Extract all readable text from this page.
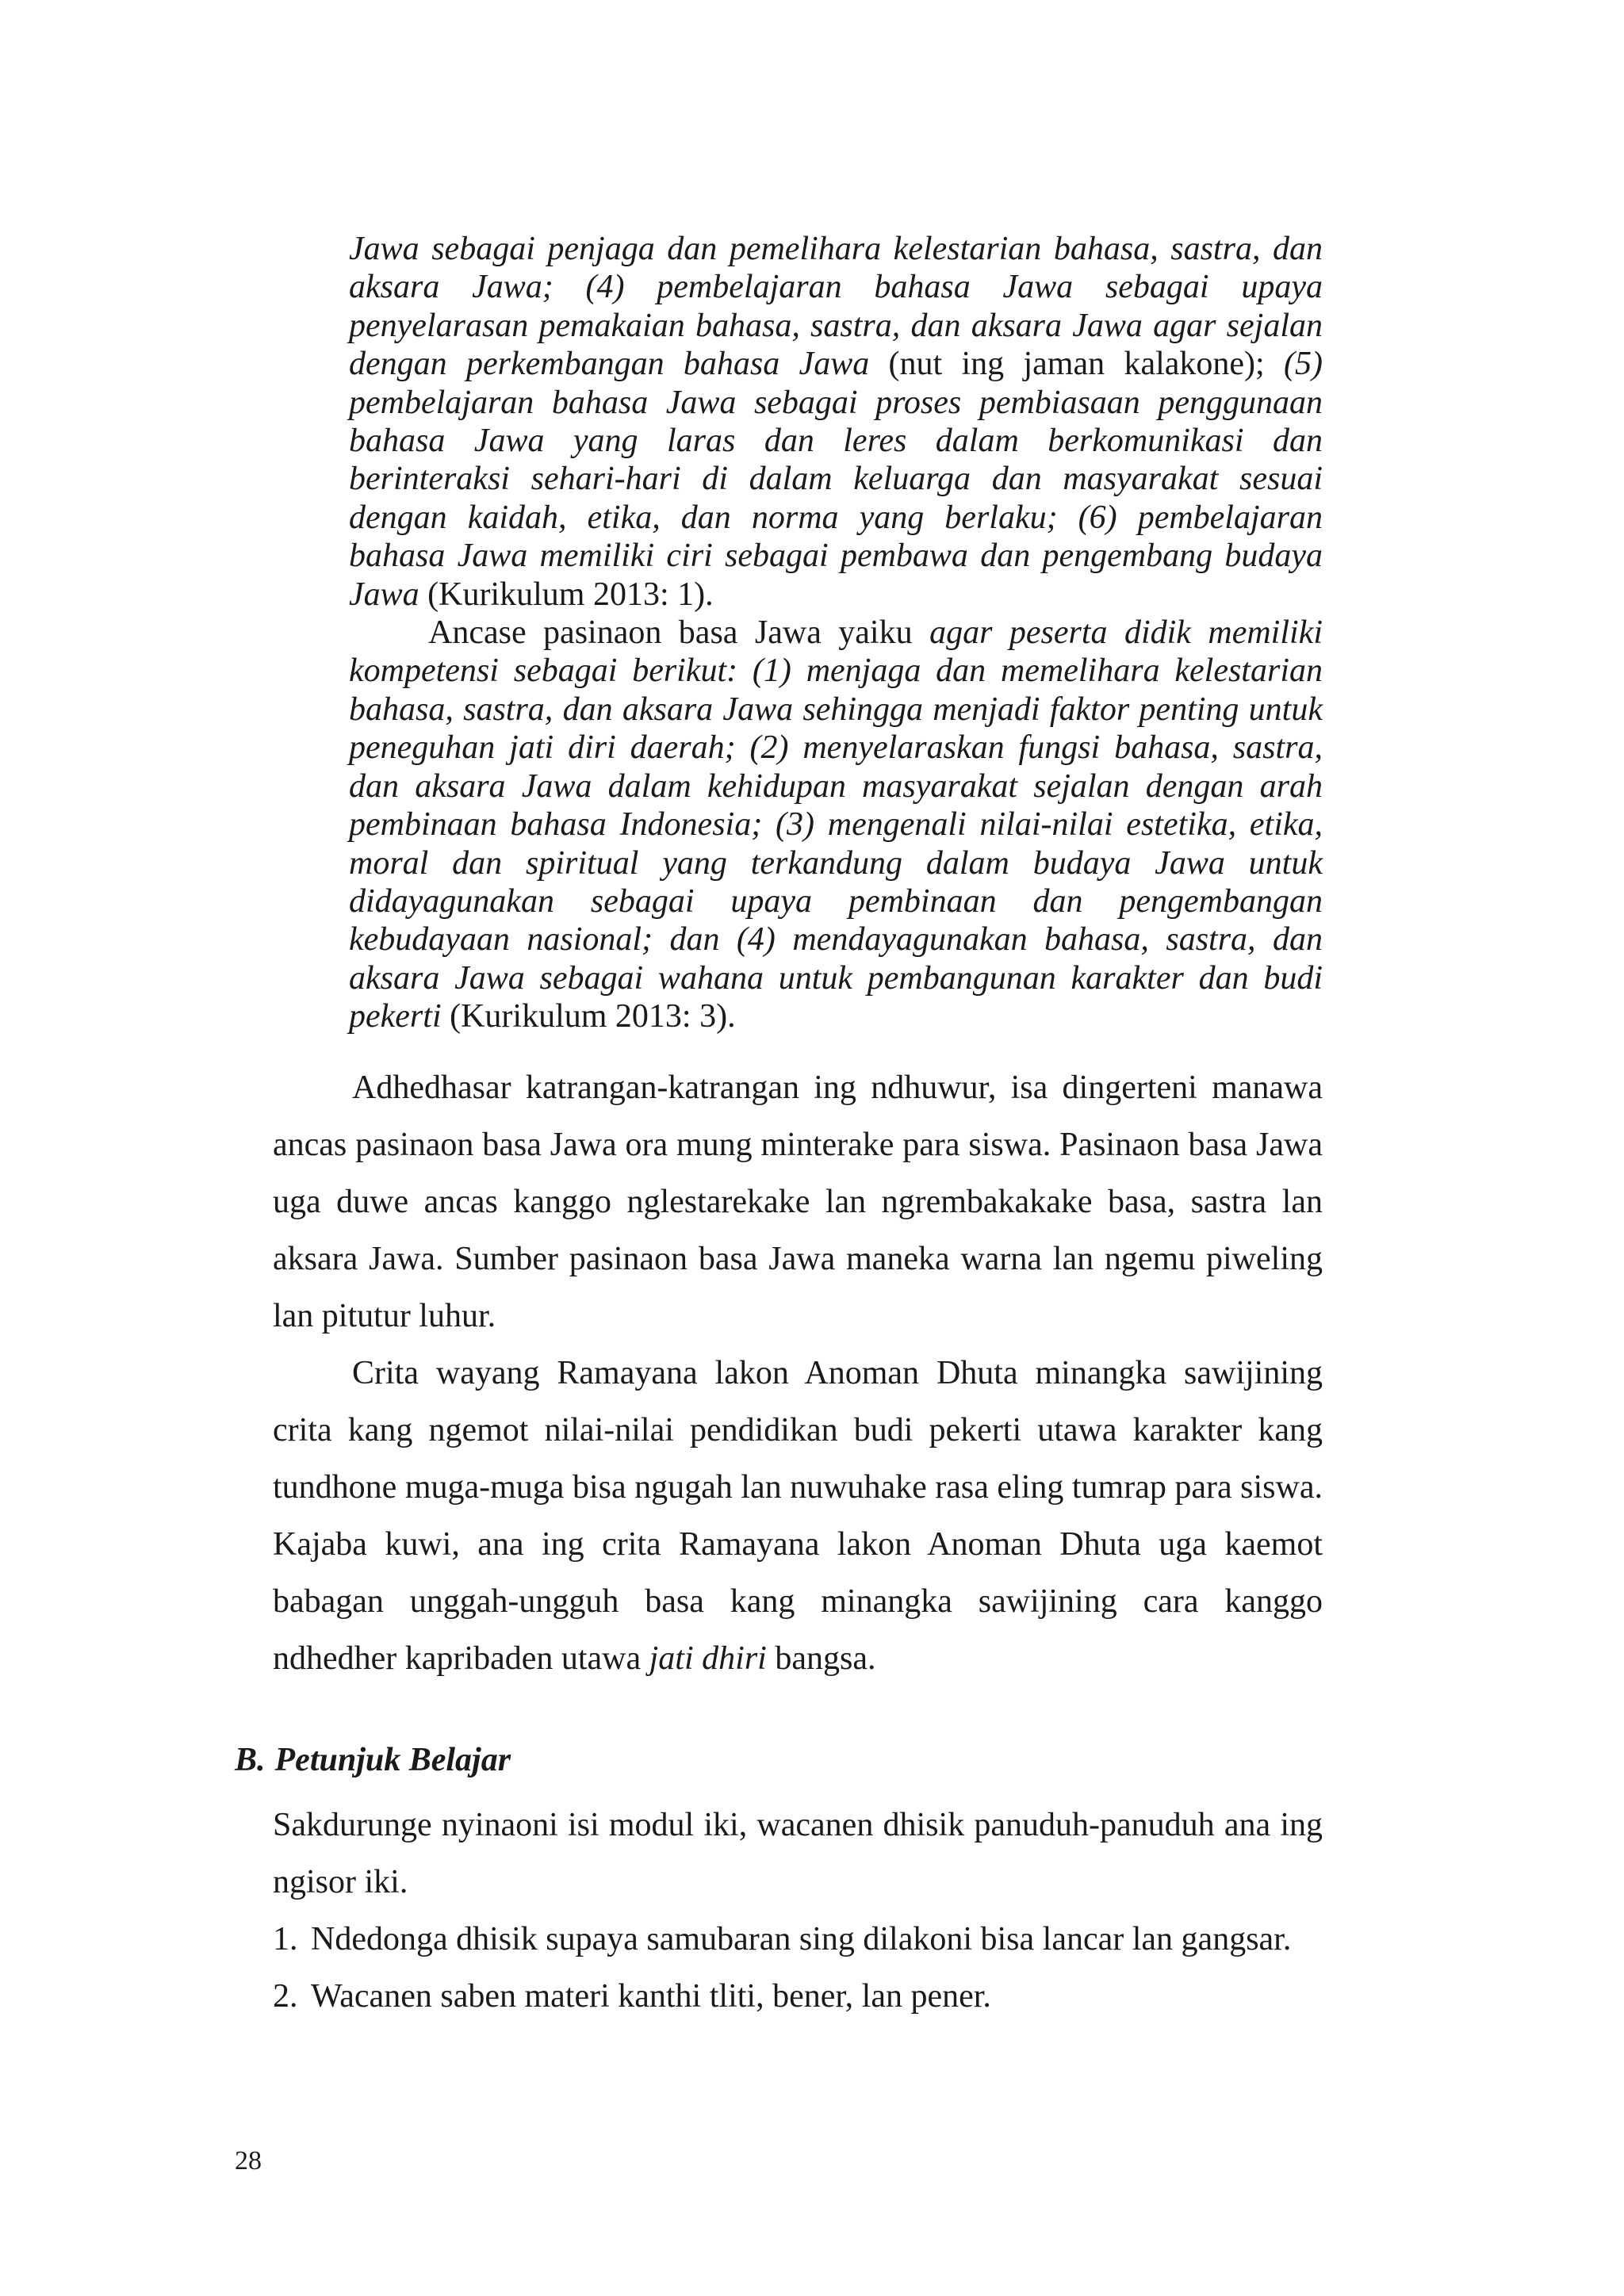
Jawa sebagai penjaga dan pemelihara kelestarian bahasa, sastra, dan aksara Jawa; (4) pembelajaran bahasa Jawa sebagai upaya penyelarasan pemakaian bahasa, sastra, dan aksara Jawa agar sejalan dengan perkembangan bahasa Jawa (nut ing jaman kalakone); (5) pembelajaran bahasa Jawa sebagai proses pembiasaan penggunaan bahasa Jawa yang laras dan leres dalam berkomunikasi dan berinteraksi sehari-hari di dalam keluarga dan masyarakat sesuai dengan kaidah, etika, dan norma yang berlaku; (6) pembelajaran bahasa Jawa memiliki ciri sebagai pembawa dan pengembang budaya Jawa (Kurikulum 2013: 1).

Ancase pasinaon basa Jawa yaiku agar peserta didik memiliki kompetensi sebagai berikut: (1) menjaga dan memelihara kelestarian bahasa, sastra, dan aksara Jawa sehingga menjadi faktor penting untuk peneguhan jati diri daerah; (2) menyelaraskan fungsi bahasa, sastra, dan aksara Jawa dalam kehidupan masyarakat sejalan dengan arah pembinaan bahasa Indonesia; (3) mengenali nilai-nilai estetika, etika, moral dan spiritual yang terkandung dalam budaya Jawa untuk didayagunakan sebagai upaya pembinaan dan pengembangan kebudayaan nasional; dan (4) mendayagunakan bahasa, sastra, dan aksara Jawa sebagai wahana untuk pembangunan karakter dan budi pekerti (Kurikulum 2013: 3).

Adhedhasar katrangan-katrangan ing ndhuwur, isa dingerteni manawa ancas pasinaon basa Jawa ora mung minterake para siswa. Pasinaon basa Jawa uga duwe ancas kanggo nglestarekake lan ngrembakakake basa, sastra lan aksara Jawa. Sumber pasinaon basa Jawa maneka warna lan ngemu piweling lan pitutur luhur.

Crita wayang Ramayana lakon Anoman Dhuta minangka sawijining crita kang ngemot nilai-nilai pendidikan budi pekerti utawa karakter kang tundhone muga-muga bisa ngugah lan nuwuhake rasa eling tumrap para siswa. Kajaba kuwi, ana ing crita Ramayana lakon Anoman Dhuta uga kaemot babagan unggah-ungguh basa kang minangka sawijining cara kanggo ndhedher kapribaden utawa jati dhiri bangsa.

B. Petunjuk Belajar

Sakdurunge nyinaoni isi modul iki, wacanen dhisik panuduh-panuduh ana ing ngisor iki.

1. Ndedonga dhisik supaya samubaran sing dilakoni bisa lancar lan gangsar.
2. Wacanen saben materi kanthi tliti, bener, lan pener.

28
